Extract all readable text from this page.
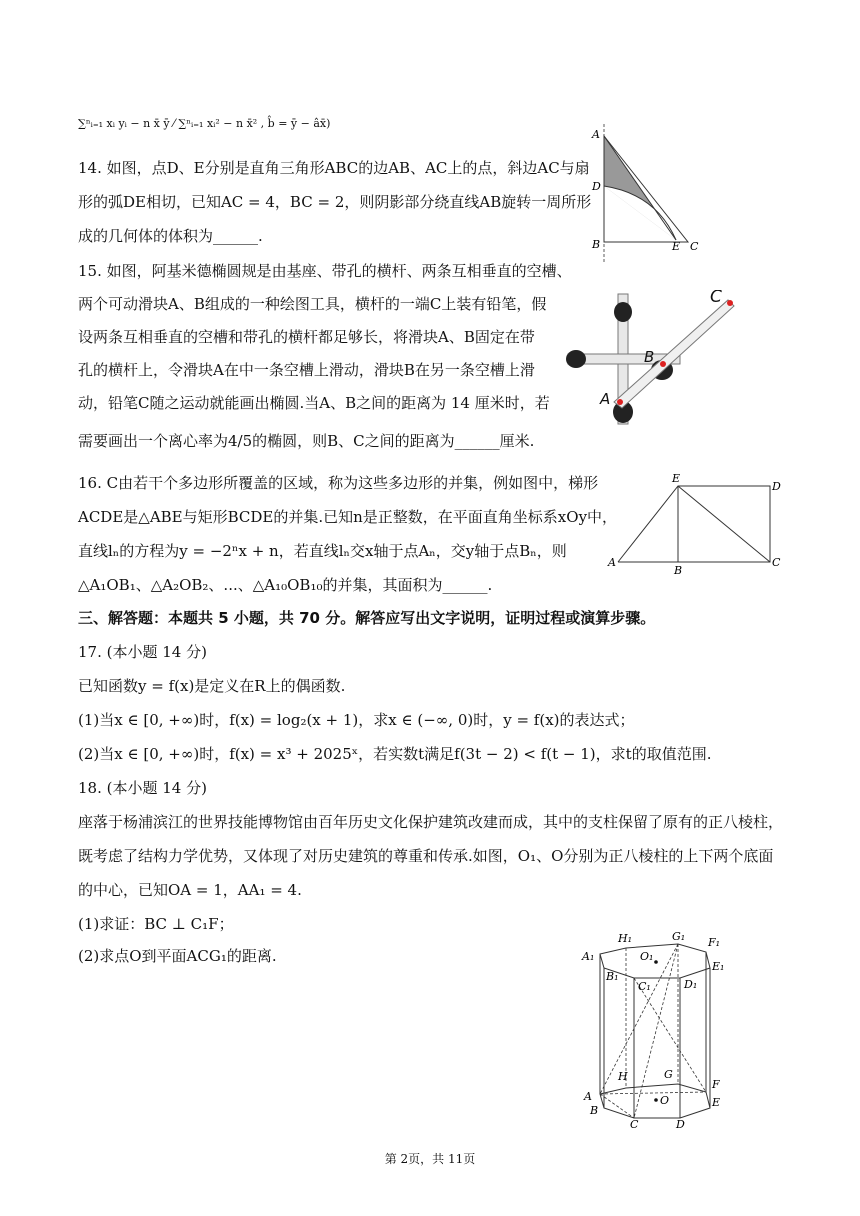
∑ⁿᵢ₌₁ xᵢ yᵢ − n x̄ ȳ ⁄ ∑ⁿᵢ₌₁ xᵢ² − n x̄² , b̂ = ȳ − âx̄)
14. 如图，点D、E分别是直角三角形ABC的边AB、AC上的点，斜边AC与扇
形的弧DE相切，已知AC = 4，BC = 2，则阴影部分绕直线AB旋转一周所形
成的几何体的体积为______.
A
D
B	E C
15. 如图，阿基米德椭圆规是由基座、带孔的横杆、两条互相垂直的空槽、
两个可动滑块A、B组成的一种绘图工具，横杆的一端C上装有铅笔，假
设两条互相垂直的空槽和带孔的横杆都足够长，将滑块A、B固定在带
孔的横杆上，令滑块A在中一条空槽上滑动，滑块B在另一条空槽上滑
动，铅笔C随之运动就能画出椭圆.当A、B之间的距离为 14 厘米时，若
需要画出一个离心率为4/5的椭圆，则B、C之间的距离为______厘米.
C
B
A
16. C由若干个多边形所覆盖的区域，称为这些多边形的并集，例如图中，梯形
ACDE是△ABE与矩形BCDE的并集.已知n是正整数，在平面直角坐标系xOy中，
直线lₙ的方程为y = −2ⁿx + n，若直线lₙ交x轴于点Aₙ，交y轴于点Bₙ，则
△A₁OB₁、△A₂OB₂、...、△A₁₀OB₁₀的并集，其面积为______.
E
D
A
B
C
三、解答题：本题共 5 小题，共 70 分。解答应写出文字说明，证明过程或演算步骤。
17. (本小题 14 分)
已知函数y = f(x)是定义在R上的偶函数.
(1)当x ∈ [0, +∞)时，f(x) = log₂(x + 1)，求x ∈ (−∞, 0)时，y = f(x)的表达式；
(2)当x ∈ [0, +∞)时，f(x) = x³ + 2025ˣ，若实数t满足f(3t − 2) < f(t − 1)，求t的取值范围.
18. (本小题 14 分)
座落于杨浦滨江的世界技能博物馆由百年历史文化保护建筑改建而成，其中的支柱保留了原有的正八棱柱，
既考虑了结构力学优势，又体现了对历史建筑的尊重和传承.如图，O₁、O分别为正八棱柱的上下两个底面
的中心，已知OA = 1，AA₁ = 4.
(1)求证：BC ⊥ C₁F；
(2)求点O到平面ACG₁的距离.
H₁	G₁ F₁
A₁	O₁
E₁
B₁
C₁	D₁
H	G
F
A	O	E
B
C	D
第 2页，共 11页
